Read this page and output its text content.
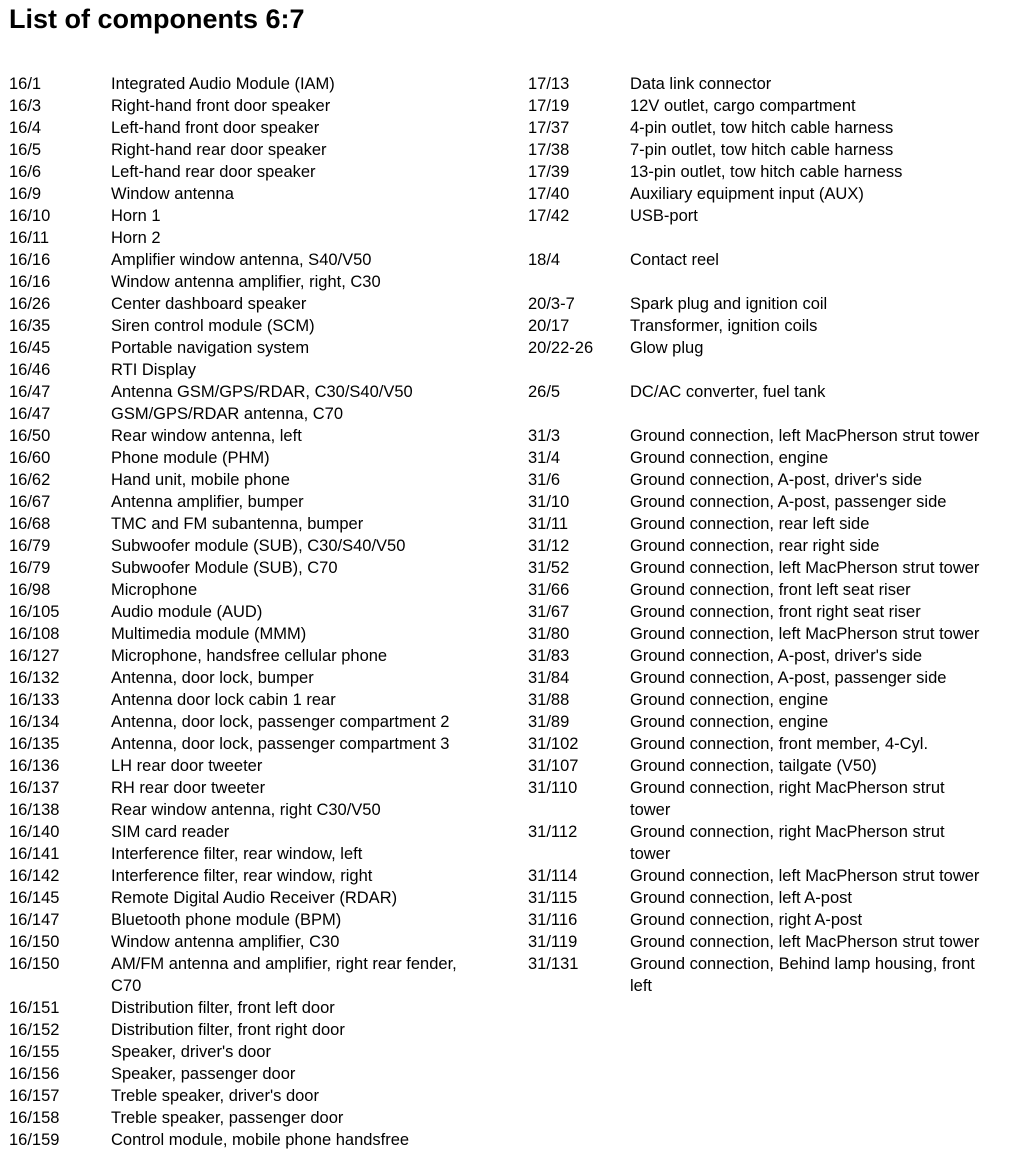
List of components 6:7
16/1	Integrated Audio Module (IAM)
16/3	Right-hand front door speaker
16/4	Left-hand front door speaker
16/5	Right-hand rear door speaker
16/6	Left-hand rear door speaker
16/9	Window antenna
16/10	Horn 1
16/11	Horn 2
16/16	Amplifier window antenna, S40/V50
16/16	Window antenna amplifier, right, C30
16/26	Center dashboard speaker
16/35	Siren control module (SCM)
16/45	Portable navigation system
16/46	RTI Display
16/47	Antenna GSM/GPS/RDAR, C30/S40/V50
16/47	GSM/GPS/RDAR antenna, C70
16/50	Rear window antenna, left
16/60	Phone module (PHM)
16/62	Hand unit, mobile phone
16/67	Antenna amplifier, bumper
16/68	TMC and FM subantenna, bumper
16/79	Subwoofer module (SUB), C30/S40/V50
16/79	Subwoofer Module (SUB), C70
16/98	Microphone
16/105	Audio module (AUD)
16/108	Multimedia module (MMM)
16/127	Microphone, handsfree cellular phone
16/132	Antenna, door lock, bumper
16/133	Antenna door lock cabin 1 rear
16/134	Antenna, door lock, passenger compartment 2
16/135	Antenna, door lock, passenger compartment 3
16/136	LH rear door tweeter
16/137	RH rear door tweeter
16/138	Rear window antenna, right C30/V50
16/140	SIM card reader
16/141	Interference filter, rear window, left
16/142	Interference filter, rear window, right
16/145	Remote Digital Audio Receiver (RDAR)
16/147	Bluetooth phone module (BPM)
16/150	Window antenna amplifier, C30
16/150	AM/FM antenna and amplifier, right rear fender, C70
16/151	Distribution filter, front left door
16/152	Distribution filter, front right door
16/155	Speaker, driver's door
16/156	Speaker, passenger door
16/157	Treble speaker, driver's door
16/158	Treble speaker, passenger door
16/159	Control module, mobile phone handsfree
17/13	Data link connector
17/19	12V outlet, cargo compartment
17/37	4-pin outlet, tow hitch cable harness
17/38	7-pin outlet, tow hitch cable harness
17/39	13-pin outlet, tow hitch cable harness
17/40	Auxiliary equipment input (AUX)
17/42	USB-port
18/4	Contact reel
20/3-7	Spark plug and ignition coil
20/17	Transformer, ignition coils
20/22-26	Glow plug
26/5	DC/AC converter, fuel tank
31/3	Ground connection, left MacPherson strut tower
31/4	Ground connection, engine
31/6	Ground connection, A-post, driver's side
31/10	Ground connection, A-post, passenger side
31/11	Ground connection, rear left side
31/12	Ground connection, rear right side
31/52	Ground connection, left MacPherson strut tower
31/66	Ground connection, front left seat riser
31/67	Ground connection, front right seat riser
31/80	Ground connection, left MacPherson strut tower
31/83	Ground connection, A-post, driver's side
31/84	Ground connection, A-post, passenger side
31/88	Ground connection, engine
31/89	Ground connection, engine
31/102	Ground connection, front member, 4-Cyl.
31/107	Ground connection, tailgate (V50)
31/110	Ground connection, right MacPherson strut tower
31/112	Ground connection, right MacPherson strut tower
31/114	Ground connection, left MacPherson strut tower
31/115	Ground connection, left A-post
31/116	Ground connection, right A-post
31/119	Ground connection, left MacPherson strut tower
31/131	Ground connection, Behind lamp housing, front left
